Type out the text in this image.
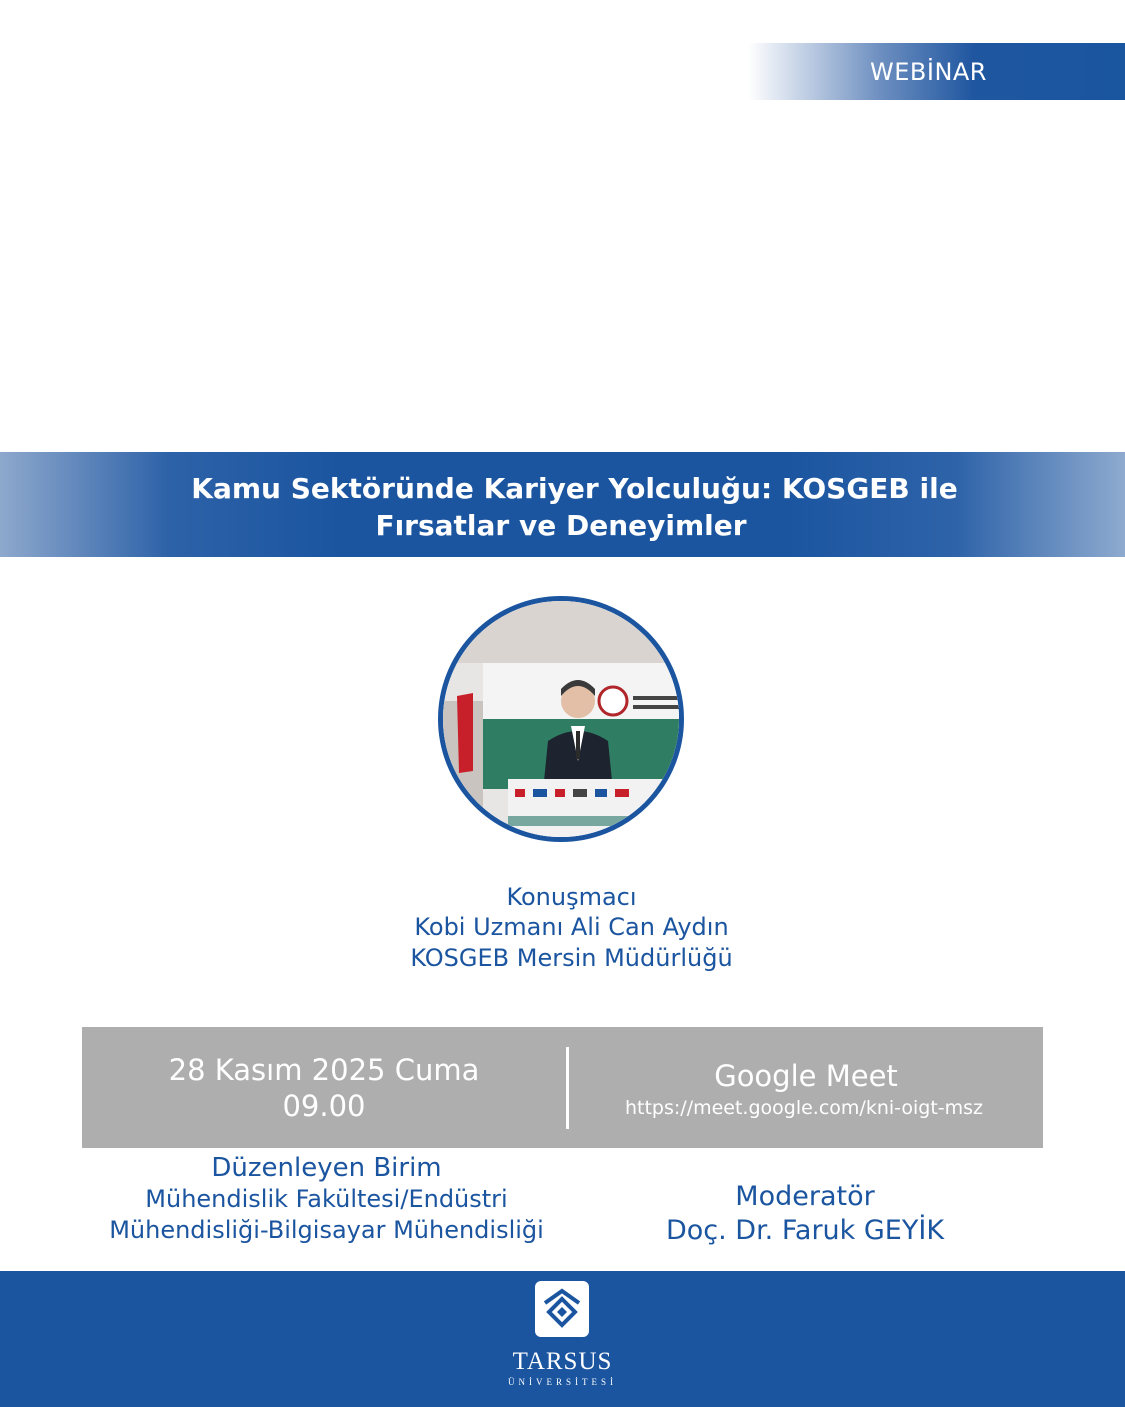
WEBİNAR
Kamu Sektöründe Kariyer Yolculuğu: KOSGEB ile
Fırsatlar ve Deneyimler
Konuşmacı
Kobi Uzmanı Ali Can Aydın
KOSGEB Mersin Müdürlüğü
28 Kasım 2025 Cuma
09.00
Google Meet
https://meet.google.com/kni-oigt-msz
Düzenleyen Birim
Mühendislik Fakültesi/Endüstri
Mühendisliği-Bilgisayar Mühendisliği
Moderatör
Doç. Dr. Faruk GEYİK
TARSUS
ÜNİVERSİTESİ
